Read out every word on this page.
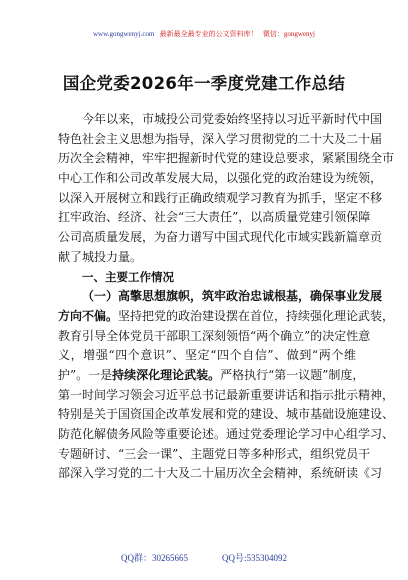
www.gongwenyj.com 最新最全最专业的公文资料库！ 微信：gongwenyj
国企党委2026年一季度党建工作总结
今年以来，市城投公司党委始终坚持以习近平新时代中国
特色社会主义思想为指导，深入学习贯彻党的二十大及二十届
历次全会精神，牢牢把握新时代党的建设总要求，紧紧围绕全市
中心工作和公司改革发展大局，以强化党的政治建设为统领，
以深入开展树立和践行正确政绩观学习教育为抓手，坚定不移
扛牢政治、经济、社会“三大责任”，以高质量党建引领保障
公司高质量发展，为奋力谱写中国式现代化市域实践新篇章贡
献了城投力量。
一、主要工作情况
（一）高擎思想旗帜，筑牢政治忠诚根基，确保事业发展
方向不偏。坚持把党的政治建设摆在首位，持续强化理论武装，
教育引导全体党员干部职工深刻领悟“两个确立”的决定性意
义，增强“四个意识”、坚定“四个自信”、做到“两个维
护”。一是持续深化理论武装。严格执行“第一议题”制度，
第一时间学习领会习近平总书记最新重要讲话和指示批示精神，
特别是关于国资国企改革发展和党的建设、城市基础设施建设、
防范化解债务风险等重要论述。通过党委理论学习中心组学习、
专题研讨、“三会一课”、主题党日等多种形式，组织党员干
部深入学习党的二十大及二十届历次全会精神，系统研读《习
QQ群：30265665	QQ号:535304092
